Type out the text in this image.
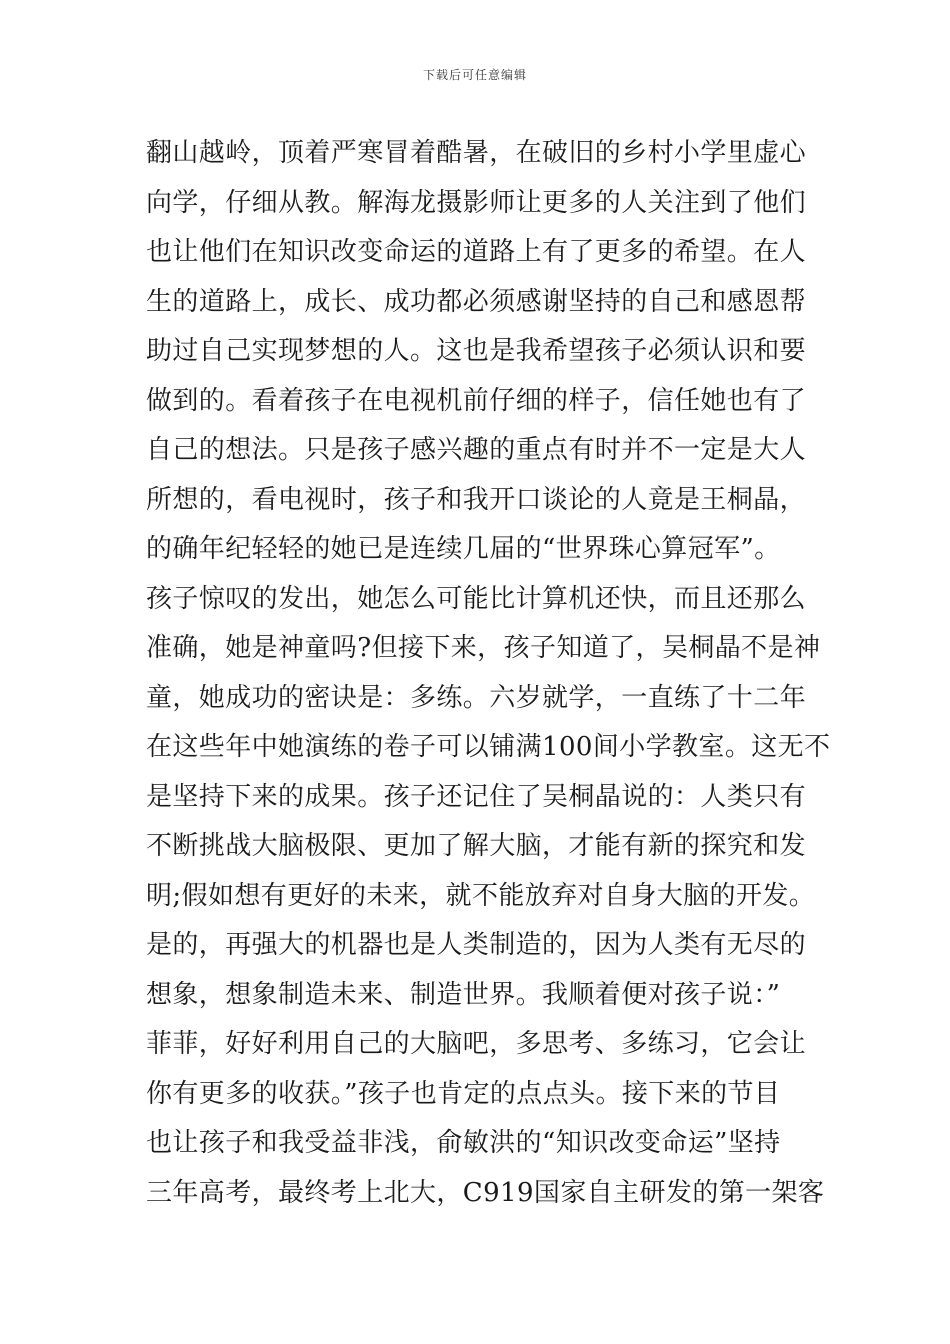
下载后可任意编辑
翻山越岭，顶着严寒冒着酷暑，在破旧的乡村小学里虚心
向学，仔细从教。解海龙摄影师让更多的人关注到了他们
也让他们在知识改变命运的道路上有了更多的希望。在人
生的道路上，成长、成功都必须感谢坚持的自己和感恩帮
助过自己实现梦想的人。这也是我希望孩子必须认识和要
做到的。看着孩子在电视机前仔细的样子，信任她也有了
自己的想法。只是孩子感兴趣的重点有时并不一定是大人
所想的，看电视时，孩子和我开口谈论的人竟是王桐晶，
的确年纪轻轻的她已是连续几届的“世界珠心算冠军”。
孩子惊叹的发出，她怎么可能比计算机还快，而且还那么
准确，她是神童吗?但接下来，孩子知道了，吴桐晶不是神
童，她成功的密诀是：多练。六岁就学，一直练了十二年
在这些年中她演练的卷子可以铺满100间小学教室。这无不
是坚持下来的成果。孩子还记住了吴桐晶说的：人类只有
不断挑战大脑极限、更加了解大脑，才能有新的探究和发
明;假如想有更好的未来，就不能放弃对自身大脑的开发。
是的，再强大的机器也是人类制造的，因为人类有无尽的
想象，想象制造未来、制造世界。我顺着便对孩子说：”
菲菲，好好利用自己的大脑吧，多思考、多练习，它会让
你有更多的收获。”孩子也肯定的点点头。接下来的节目
也让孩子和我受益非浅，俞敏洪的“知识改变命运”坚持
三年高考，最终考上北大，C919国家自主研发的第一架客
